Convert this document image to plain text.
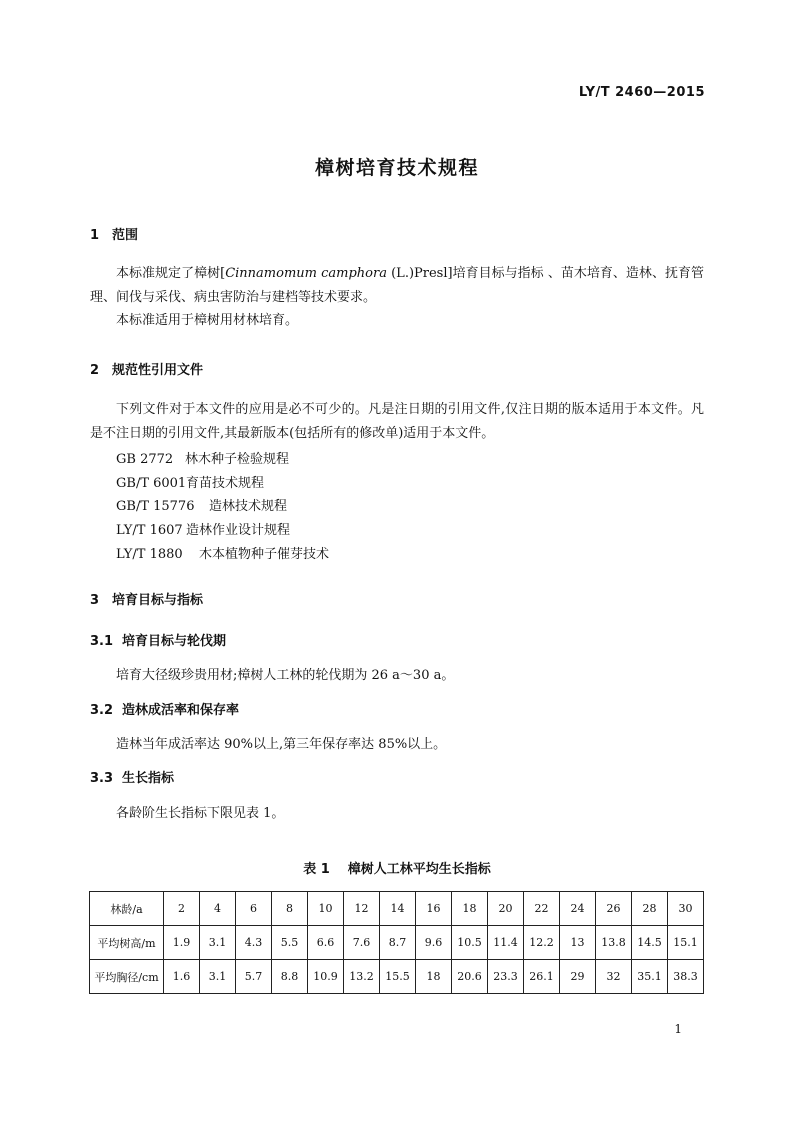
LY/T 2460—2015
樟树培育技术规程
1 范围

本标准规定了樟树[Cinnamomum camphora (L.)Presl]培育目标与指标 、苗木培育、造林、抚育管理、间伐与采伐、病虫害防治与建档等技术要求。

本标准适用于樟树用材林培育。

2 规范性引用文件

下列文件对于本文件的应用是必不可少的。凡是注日期的引用文件,仅注日期的版本适用于本文件。凡是不注日期的引用文件,其最新版本(包括所有的修改单)适用于本文件。

GB 2772 林木种子检验规程
GB/T 6001育苗技术规程
GB/T 15776 造林技术规程
LY/T 1607 造林作业设计规程
LY/T 1880 木本植物种子催芽技术
3 培育目标与指标
3.1 培育目标与轮伐期
培育大径级珍贵用材;樟树人工林的轮伐期为 26 a～30 a。
3.2 造林成活率和保存率
造林当年成活率达 90%以上,第三年保存率达 85%以上。
3.3 生长指标
各龄阶生长指标下限见表 1。
表 1 樟树人工林平均生长指标
林龄/a	2	4	6	8	10	12	14	16	18	20	22	24	26	28	30
平均树高/m	1.9	3.1	4.3	5.5	6.6	7.6	8.7	9.6	10.5	11.4	12.2	13	13.8	14.5	15.1
平均胸径/cm	1.6	3.1	5.7	8.8	10.9	13.2	15.5	18	20.6	23.3	26.1	29	32	35.1	38.3
1
